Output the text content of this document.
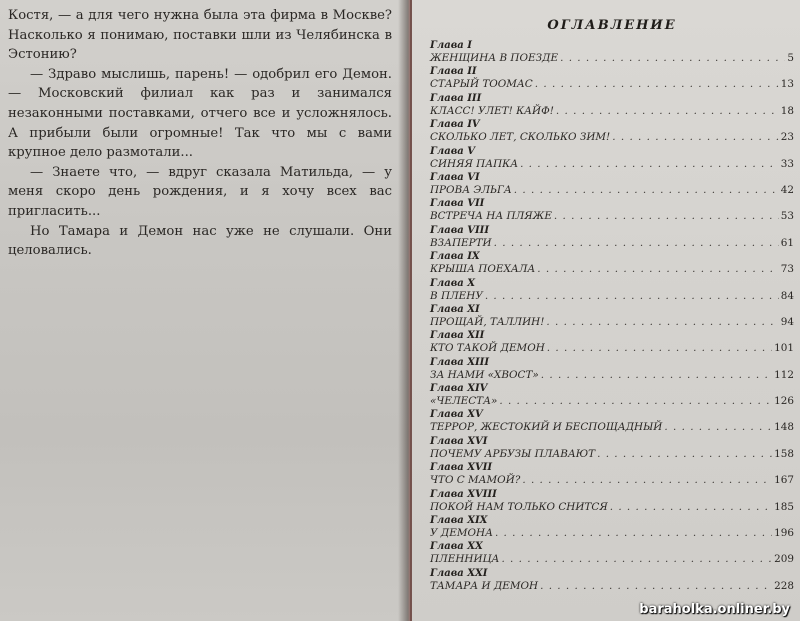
Костя, — а для чего нужна была эта фирма в Москве? Насколько я понимаю, поставки шли из Челябинска в Эстонию?

— Здраво мыслишь, парень! — одобрил его Демон. — Московский филиал как раз и занимался незаконными поставками, отчего все и усложнялось. А прибыли были огромные! Так что мы с вами крупное дело размотали...

— Знаете что, — вдруг сказала Матильда, — у меня скоро день рождения, и я хочу всех вас пригласить...

Но Тамара и Демон нас уже не слушали. Они целовались.

ОГЛАВЛЕНИЕ
Глава I
ЖЕНЩИНА В ПОЕЗДЕ . . .	5
Глава II
СТАРЫЙ ТООМАС . . .	13
Глава III
КЛАСС! УЛЕТ! КАЙФ! . . .	18
Глава IV
СКОЛЬКО ЛЕТ, СКОЛЬКО ЗИМ! . . .	23
Глава V
СИНЯЯ ПАПКА . . .	33
Глава VI
ПРОВА ЭЛЬГА . . .	42
Глава VII
ВСТРЕЧА НА ПЛЯЖЕ . . .	53
Глава VIII
ВЗАПЕРТИ . . .	61
Глава IX
КРЫША ПОЕХАЛА . . .	73
Глава X
В ПЛЕНУ . . .	84
Глава XI
ПРОЩАЙ, ТАЛЛИН! . . .	94
Глава XII
КТО ТАКОЙ ДЕМОН . . .	101
Глава XIII
ЗА НАМИ «ХВОСТ» . . .	112
Глава XIV
«ЧЕЛЕСТА» . . .	126
Глава XV
ТЕРРОР, ЖЕСТОКИЙ И БЕСПОЩАДНЫЙ . . .	148
Глава XVI
ПОЧЕМУ АРБУЗЫ ПЛАВАЮТ . . .	158
Глава XVII
ЧТО С МАМОЙ? . . .	167
Глава XVIII
ПОКОЙ НАМ ТОЛЬКО СНИТСЯ . . .	185
Глава XIX
У ДЕМОНА . . .	196
Глава XX
ПЛЕННИЦА . . .	209
Глава XXI
ТАМАРА И ДЕМОН . . .	228
baraholka.onliner.by
